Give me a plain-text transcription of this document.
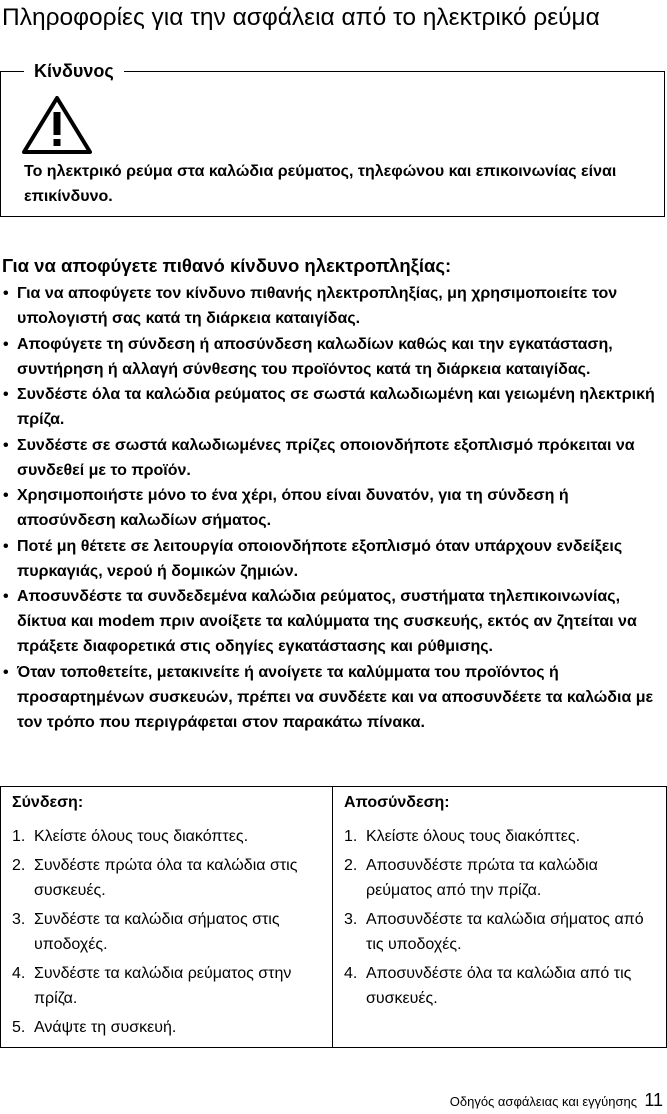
Πληροφορίες για την ασφάλεια από το ηλεκτρικό ρεύμα
Κίνδυνος
Το ηλεκτρικό ρεύμα στα καλώδια ρεύματος, τηλεφώνου και επικοινωνίας είναι επικίνδυνο.
Για να αποφύγετε πιθανό κίνδυνο ηλεκτροπληξίας:
• Για να αποφύγετε τον κίνδυνο πιθανής ηλεκτροπληξίας, μη χρησιμοποιείτε τον υπολογιστή σας κατά τη διάρκεια καταιγίδας.
• Αποφύγετε τη σύνδεση ή αποσύνδεση καλωδίων καθώς και την εγκατάσταση, συντήρηση ή αλλαγή σύνθεσης του προϊόντος κατά τη διάρκεια καταιγίδας.
• Συνδέστε όλα τα καλώδια ρεύματος σε σωστά καλωδιωμένη και γειωμένη ηλεκτρική πρίζα.
• Συνδέστε σε σωστά καλωδιωμένες πρίζες οποιονδήποτε εξοπλισμό πρόκειται να συνδεθεί με το προϊόν.
• Χρησιμοποιήστε μόνο το ένα χέρι, όπου είναι δυνατόν, για τη σύνδεση ή αποσύνδεση καλωδίων σήματος.
• Ποτέ μη θέτετε σε λειτουργία οποιονδήποτε εξοπλισμό όταν υπάρχουν ενδείξεις πυρκαγιάς, νερού ή δομικών ζημιών.
• Αποσυνδέστε τα συνδεδεμένα καλώδια ρεύματος, συστήματα τηλεπικοινωνίας, δίκτυα και modem πριν ανοίξετε τα καλύμματα της συσκευής, εκτός αν ζητείται να πράξετε διαφορετικά στις οδηγίες εγκατάστασης και ρύθμισης.
• Όταν τοποθετείτε, μετακινείτε ή ανοίγετε τα καλύμματα του προϊόντος ή προσαρτημένων συσκευών, πρέπει να συνδέετε και να αποσυνδέετε τα καλώδια με τον τρόπο που περιγράφεται στον παρακάτω πίνακα.
Σύνδεση:
1. Κλείστε όλους τους διακόπτες.
2. Συνδέστε πρώτα όλα τα καλώδια στις συσκευές.
3. Συνδέστε τα καλώδια σήματος στις υποδοχές.
4. Συνδέστε τα καλώδια ρεύματος στην πρίζα.
5. Ανάψτε τη συσκευή.
Αποσύνδεση:
1. Κλείστε όλους τους διακόπτες.
2. Αποσυνδέστε πρώτα τα καλώδια ρεύματος από την πρίζα.
3. Αποσυνδέστε τα καλώδια σήματος από τις υποδοχές.
4. Αποσυνδέστε όλα τα καλώδια από τις συσκευές.
Οδηγός ασφάλειας και εγγύησης 11
